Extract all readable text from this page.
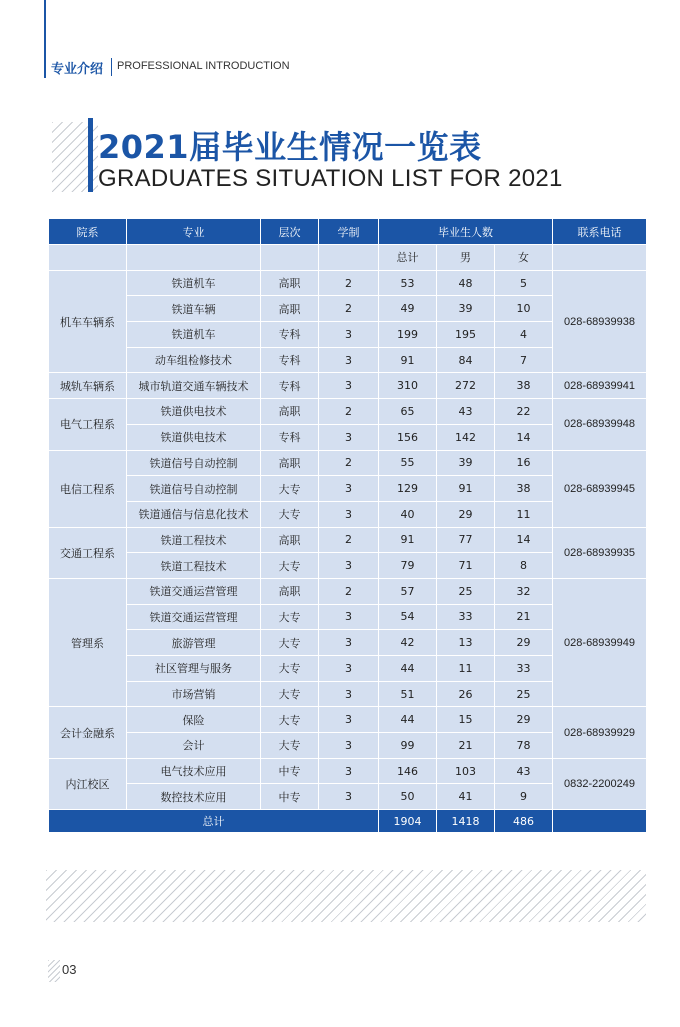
专业介绍 PROFESSIONAL INTRODUCTION
2021届毕业生情况一览表
GRADUATES SITUATION LIST FOR 2021
院系	专业	层次	学制	毕业生人数			联系电话
				总计	男	女	
机车车辆系	铁道机车	高职	2	53	48	5	028-68939938
	铁道车辆	高职	2	49	39	10	
	铁道机车	专科	3	199	195	4	
	动车组检修技术	专科	3	91	84	7	
城轨车辆系	城市轨道交通车辆技术	专科	3	310	272	38	028-68939941
电气工程系	铁道供电技术	高职	2	65	43	22	028-68939948
	铁道供电技术	专科	3	156	142	14	
电信工程系	铁道信号自动控制	高职	2	55	39	16	028-68939945
	铁道信号自动控制	大专	3	129	91	38	
	铁道通信与信息化技术	大专	3	40	29	11	
交通工程系	铁道工程技术	高职	2	91	77	14	028-68939935
	铁道工程技术	大专	3	79	71	8	
管理系	铁道交通运营管理	高职	2	57	25	32	028-68939949
	铁道交通运营管理	大专	3	54	33	21	
	旅游管理	大专	3	42	13	29	
	社区管理与服务	大专	3	44	11	33	
	市场营销	大专	3	51	26	25	
会计金融系	保险	大专	3	44	15	29	028-68939929
	会计	大专	3	99	21	78	
内江校区	电气技术应用	中专	3	146	103	43	0832-2200249
	数控技术应用	中专	3	50	41	9	
总计				1904	1418	486	
03
